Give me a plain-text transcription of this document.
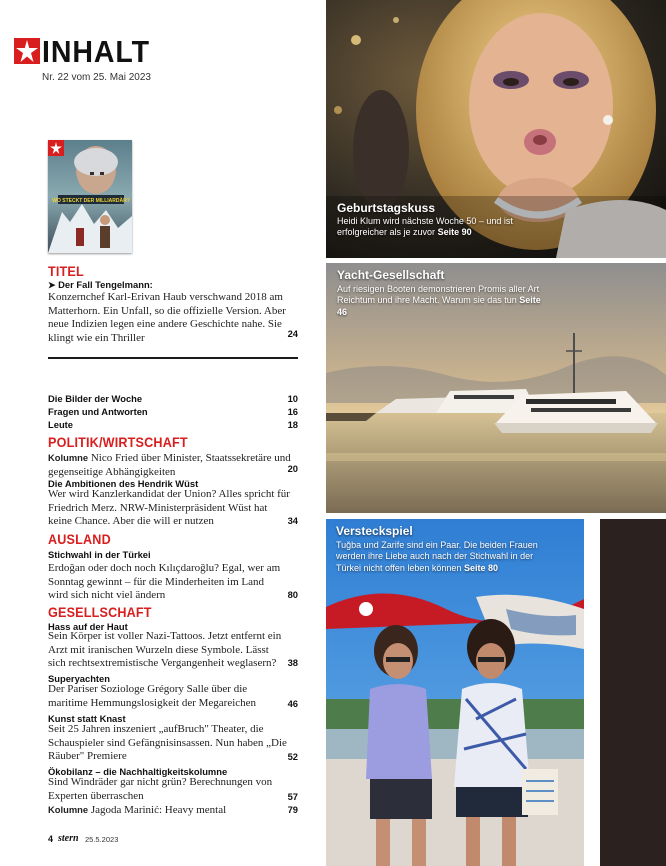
INHALT
Nr. 22 vom 25. Mai 2023
WO STECKT DER MILLIARDÄR?
TITEL
➤ Der Fall Tengelmann:
Konzernchef Karl-Erivan Haub verschwand 2018 am Matterhorn. Ein Unfall, so die offizielle Version. Aber neue Indizien legen eine andere Geschichte nahe. Sie klingt wie ein Thriller	24
Die Bilder der Woche	10
Fragen und Antworten	16
Leute	18
POLITIK/WIRTSCHAFT
Kolumne Nico Fried über Minister, Staatssekretäre und gegenseitige Abhängigkeiten	20
Die Ambitionen des Hendrik Wüst
Wer wird Kanzlerkandidat der Union? Alles spricht für Friedrich Merz. NRW-Ministerpräsident Wüst hat keine Chance. Aber die will er nutzen	34
AUSLAND
Stichwahl in der Türkei
Erdoğan oder doch noch Kılıçdaroğlu? Egal, wer am Sonntag gewinnt – für die Minderheiten im Land wird sich nicht viel ändern	80
GESELLSCHAFT
Hass auf der Haut
Sein Körper ist voller Nazi-Tattoos. Jetzt entfernt ein Arzt mit iranischen Wurzeln diese Symbole. Lässt sich rechtsextremistische Vergangenheit weglasern?	38
Superyachten
Der Pariser Soziologe Grégory Salle über die maritime Hemmungslosigkeit der Megareichen	46
Kunst statt Knast
Seit 25 Jahren inszeniert „aufBruch" Theater, die Schauspieler sind Gefängnisinsassen. Nun haben „Die Räuber" Premiere	52
Ökobilanz – die Nachhaltigkeitskolumne
Sind Windräder gar nicht grün? Berechnungen von Experten überraschen	57
Kolumne Jagoda Marinić: Heavy mental	79
4 stern 25.5.2023
Geburtstagskuss
Heidi Klum wird nächste Woche 50 – und ist erfolgreicher als je zuvor Seite 90
Yacht-Gesellschaft
Auf riesigen Booten demonstrieren Promis aller Art Reichtum und ihre Macht. Warum sie das tun Seite 46
Versteckspiel
Tuğba und Zarife sind ein Paar. Die beiden Frauen werden ihre Liebe auch nach der Stichwahl in der Türkei nicht offen leben können Seite 80
